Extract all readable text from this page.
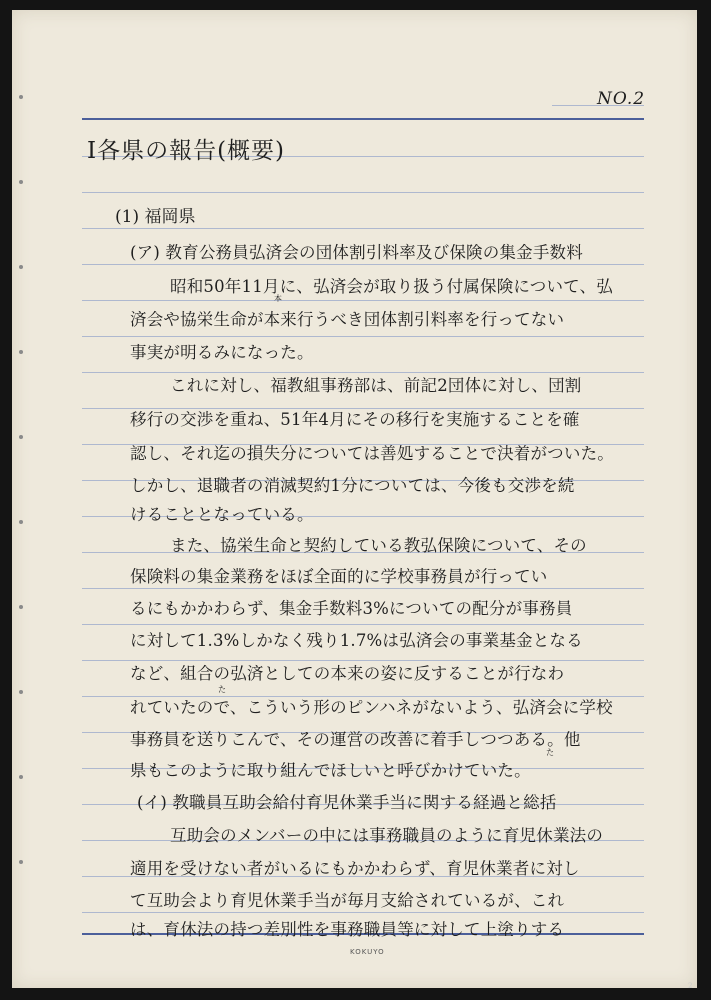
NO.2
Ⅰ各県の報告(概要)
(1) 福岡県
(ア) 教育公務員弘済会の団体割引料率及び保険の集金手数料
昭和50年11月に、弘済会が取り扱う付属保険について、弘
済会や協栄生命が本来行うべき団体割引料率を行ってない
本
事実が明るみになった。
これに対し、福教組事務部は、前記2団体に対し、団割
移行の交渉を重ね、51年4月にその移行を実施することを確
認し、それ迄の損失分については善処することで決着がついた。
しかし、退職者の消滅契約1分については、今後も交渉を続
けることとなっている。
また、協栄生命と契約している教弘保険について、その
保険料の集金業務をほぼ全面的に学校事務員が行ってい
るにもかかわらず、集金手数料3%についての配分が事務員
に対して1.3%しかなく残り1.7%は弘済会の事業基金となる
など、組合の弘済としての本来の姿に反することが行なわ
れていたので、こういう形のピンハネがないよう、弘済会に学校
た
事務員を送りこんで、その運営の改善に着手しつつある。他
県もこのように取り組んでほしいと呼びかけていた。
た
(イ) 教職員互助会給付育児休業手当に関する経過と総括
互助会のメンバーの中には事務職員のように育児休業法の
適用を受けない者がいるにもかかわらず、育児休業者に対し
て互助会より育児休業手当が毎月支給されているが、これ
は、育休法の持つ差別性を事務職員等に対して上塗りする
KOKUYO
2
